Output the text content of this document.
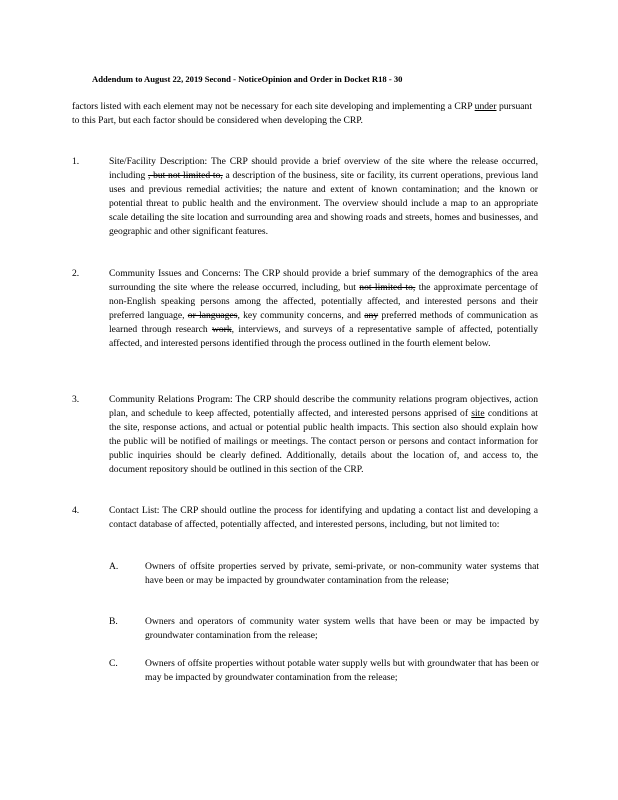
Addendum to August 22, 2019 Second - NoticeOpinion and Order in Docket R18 - 30
factors listed with each element may not be necessary for each site developing and implementing a CRP under pursuant to this Part, but each factor should be considered when developing the CRP.
1.	Site/Facility Description: The CRP should provide a brief overview of the site where the release occurred, including , but not limited to, a description of the business, site or facility, its current operations, previous land uses and previous remedial activities; the nature and extent of known contamination; and the known or potential threat to public health and the environment. The overview should include a map to an appropriate scale detailing the site location and surrounding area and showing roads and streets, homes and businesses, and geographic and other significant features.
2.	Community Issues and Concerns: The CRP should provide a brief summary of the demographics of the area surrounding the site where the release occurred, including, but not limited to, the approximate percentage of non-English speaking persons among the affected, potentially affected, and interested persons and their preferred language, or languages, key community concerns, and any preferred methods of communication as learned through research work, interviews, and surveys of a representative sample of affected, potentially affected, and interested persons identified through the process outlined in the fourth element below.
3.	Community Relations Program: The CRP should describe the community relations program objectives, action plan, and schedule to keep affected, potentially affected, and interested persons apprised of site conditions at the site, response actions, and actual or potential public health impacts. This section also should explain how the public will be notified of mailings or meetings. The contact person or persons and contact information for public inquiries should be clearly defined. Additionally, details about the location of, and access to, the document repository should be outlined in this section of the CRP.
4.	Contact List: The CRP should outline the process for identifying and updating a contact list and developing a contact database of affected, potentially affected, and interested persons, including, but not limited to:
A.	Owners of offsite properties served by private, semi-private, or non-community water systems that have been or may be impacted by groundwater contamination from the release;
B.	Owners and operators of community water system wells that have been or may be impacted by groundwater contamination from the release;
C.	Owners of offsite properties without potable water supply wells but with groundwater that has been or may be impacted by groundwater contamination from the release;
